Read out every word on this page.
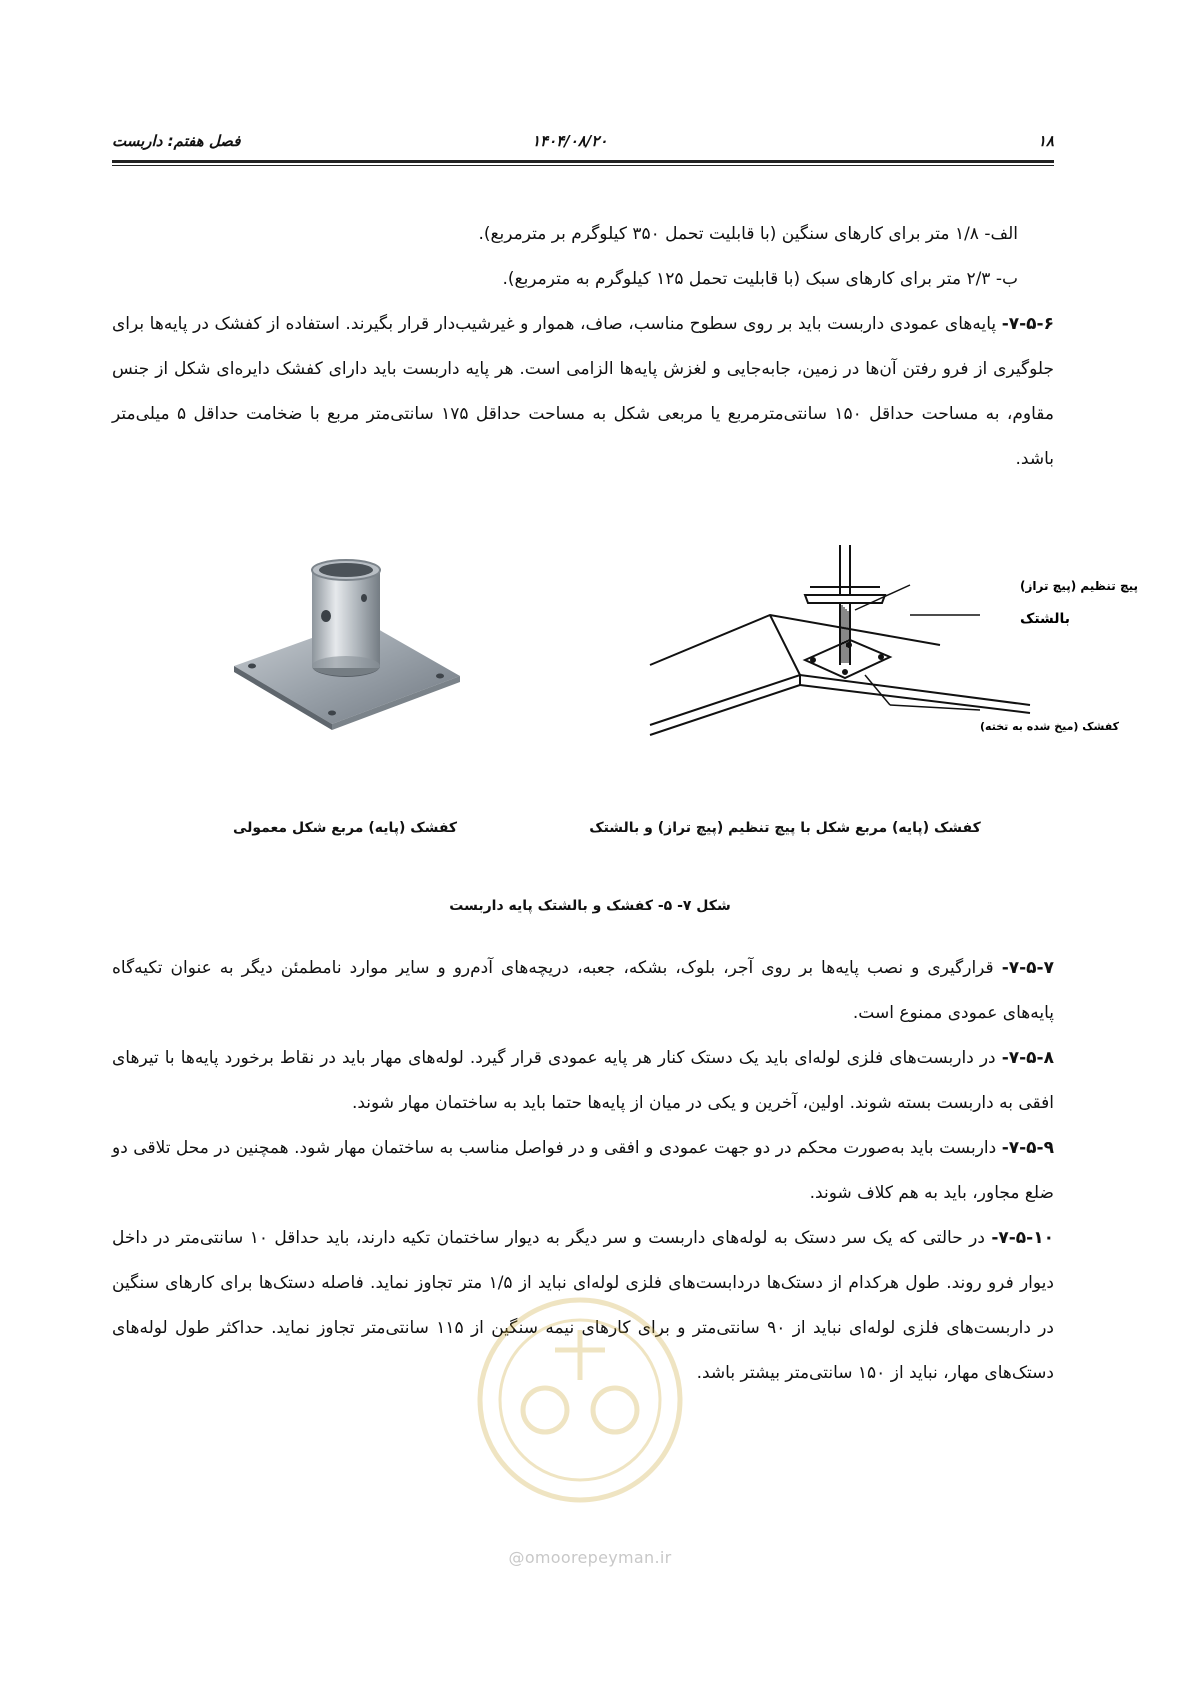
فصل هفتم: داربست	۱۴۰۴/۰۸/۲۰	۱۸

الف- ۱/۸ متر برای کارهای سنگین (با قابلیت تحمل ۳۵۰ کیلوگرم بر مترمربع).

ب- ۲/۳ متر برای کارهای سبک (با قابلیت تحمل ۱۲۵ کیلوگرم به مترمربع).

۷-۵-۶- پایه‌های عمودی داربست باید بر روی سطوح مناسب، صاف، هموار و غیرشیب‌دار قرار بگیرند. استفاده از کفشک در پایه‌ها برای جلوگیری از فرو رفتن آن‌ها در زمین، جابه‌جایی و لغزش پایه‌ها الزامی است. هر پایه داربست باید دارای کفشک دایره‌ای شکل از جنس مقاوم، به مساحت حداقل ۱۵۰ سانتی‌مترمربع یا مربعی شکل به مساحت حداقل ۱۷۵ سانتی‌متر مربع با ضخامت حداقل ۵ میلی‌متر باشد.

پیچ تنظیم (پیچ تراز)
بالشتک
کفشک (میخ شده به تخته)
کفشک (پایه) مربع شکل معمولی	کفشک (پایه) مربع شکل با پیچ تنظیم (پیچ تراز) و بالشتک
شکل ۷- ۵- کفشک و بالشتک پایه داربست

۷-۵-۷- قرارگیری و نصب پایه‌ها بر روی آجر، بلوک، بشکه، جعبه، دریچه‌های آدم‌رو و سایر موارد نامطمئن دیگر به عنوان تکیه‌گاه پایه‌های عمودی ممنوع است.

۷-۵-۸- در داربست‌های فلزی لوله‌ای باید یک دستک کنار هر پایه عمودی قرار گیرد. لوله‌های مهار باید در نقاط برخورد پایه‌ها با تیرهای افقی به داربست بسته شوند. اولین، آخرین و یکی در میان از پایه‌ها حتما باید به ساختمان مهار شوند.

۷-۵-۹- داربست باید به‌صورت محکم در دو جهت عمودی و افقی و در فواصل مناسب به ساختمان مهار شود. همچنین در محل تلاقی دو ضلع مجاور، باید به هم کلاف شوند.

۷-۵-۱۰- در حالتی که یک سر دستک به لوله‌های داربست و سر دیگر به دیوار ساختمان تکیه دارند، باید حداقل ۱۰ سانتی‌متر در داخل دیوار فرو روند. طول هرکدام از دستک‌ها دردابست‌های فلزی لوله‌ای نباید از ۱/۵ متر تجاوز نماید. فاصله دستک‌ها برای کارهای سنگین در داربست‌های فلزی لوله‌ای نباید از ۹۰ سانتی‌متر و برای کارهای نیمه سنگین از ۱۱۵ سانتی‌متر تجاوز نماید. حداکثر طول لوله‌های دستک‌های مهار، نباید از ۱۵۰ سانتی‌متر بیشتر باشد.

@omoorepeyman.ir
